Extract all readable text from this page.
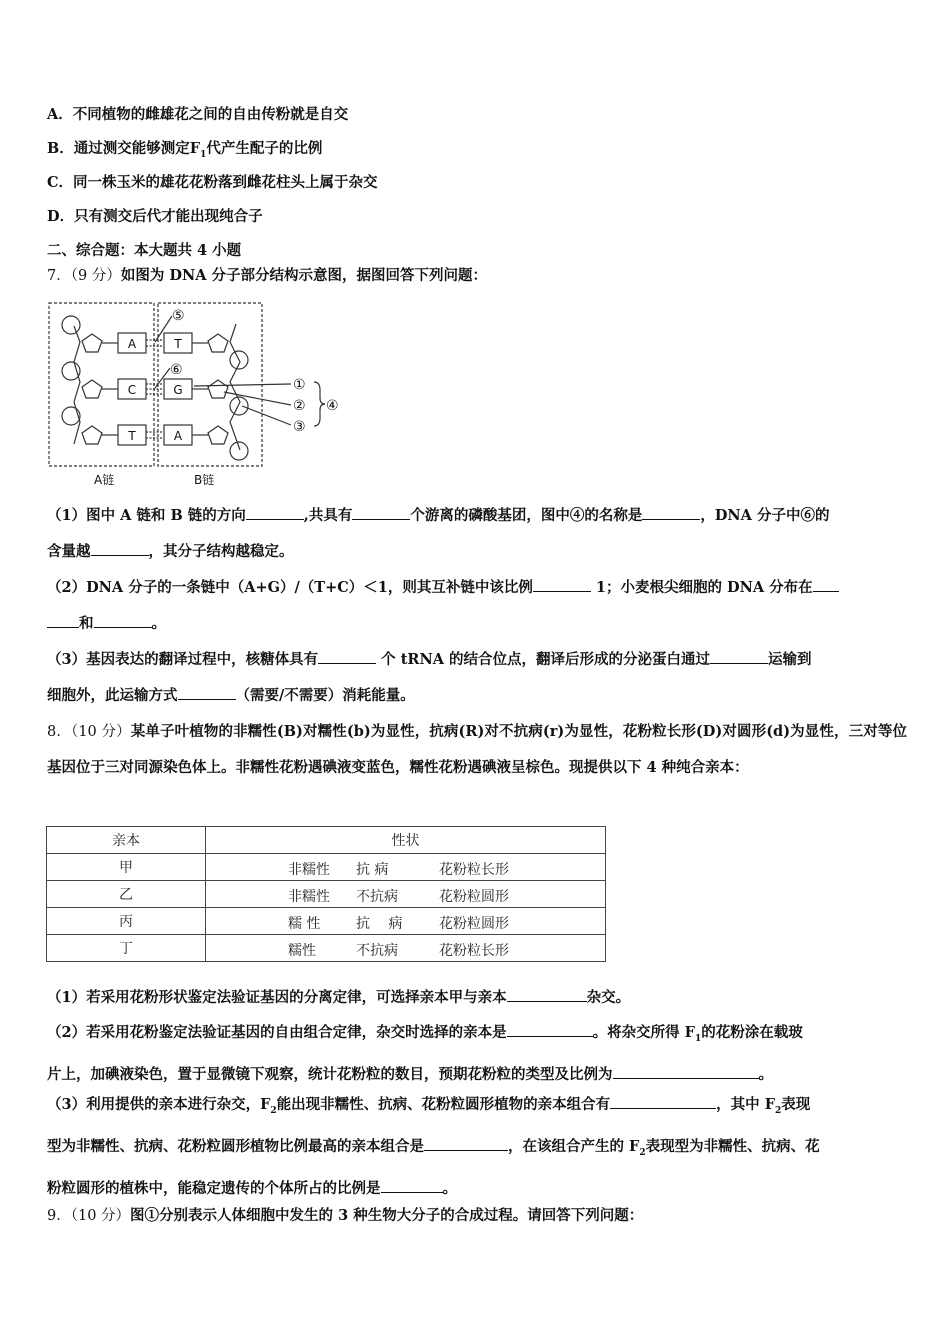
A．不同植物的雌雄花之间的自由传粉就是自交
B．通过测交能够测定$F_1$代产生配子的比例
C．同一株玉米的雄花花粉落到雌花柱头上属于杂交
D．只有测交后代才能出现纯合子
二、综合题：本大题共 4 小题
7．（9 分）如图为 DNA 分子部分结构示意图，据图回答下列问题：
A
C
T
T
G
A
⑤
⑥
①
②
③
④
A链	B链
（1）图中 A 链和 B 链的方向	,共具有	个游离的磷酸基团，图中④的名称是	，DNA 分子中⑥的
含量越	，其分子结构越稳定。
（2）DNA 分子的一条链中（A+G）/（T+C）＜1，则其互补链中该比例	1；小麦根尖细胞的 DNA 分布在
和	。
（3）基因表达的翻译过程中，核糖体具有	个 tRNA 的结合位点，翻译后形成的分泌蛋白通过	运输到
细胞外，此运输方式	（需要/不需要）消耗能量。
8．（10 分）某单子叶植物的非糯性(B)对糯性(b)为显性，抗病(R)对不抗病(r)为显性，花粉粒长形(D)对圆形(d)为显性，三对等位基因位于三对同源染色体上。非糯性花粉遇碘液变蓝色，糯性花粉遇碘液呈棕色。现提供以下 4 种纯合亲本：
亲本	性状
甲	非糯性 抗 病 花粉粒长形

乙	非糯性 不抗病 花粉粒圆形

丙	糯 性 抗　 病 花粉粒圆形

丁	糯性 不抗病 花粉粒长形
（1）若采用花粉形状鉴定法验证基因的分离定律，可选择亲本甲与亲本	杂交。
（2）若采用花粉鉴定法验证基因的自由组合定律，杂交时选择的亲本是	。将杂交所得 $F_1$的花粉涂在载玻
片上，加碘液染色，置于显微镜下观察，统计花粉粒的数目，预期花粉粒的类型及比例为	。
（3）利用提供的亲本进行杂交，$F_2$能出现非糯性、抗病、花粉粒圆形植物的亲本组合有	，其中 $F_2$表现
型为非糯性、抗病、花粉粒圆形植物比例最高的亲本组合是	，在该组合产生的 $F_2$表现型为非糯性、抗病、花
粉粒圆形的植株中，能稳定遗传的个体所占的比例是	。
9．（10 分）图①分别表示人体细胞中发生的 3 种生物大分子的合成过程。请回答下列问题：
